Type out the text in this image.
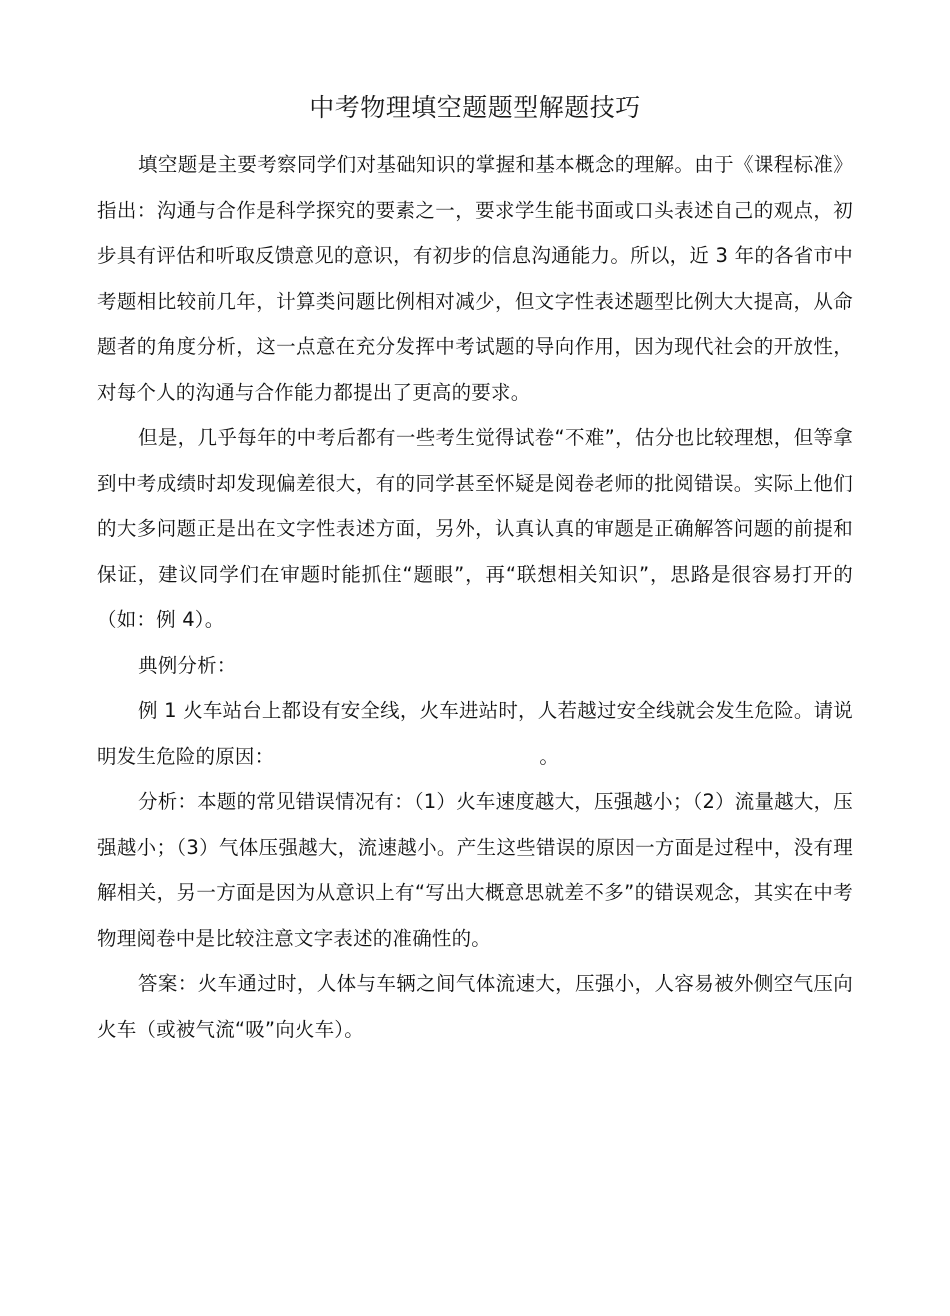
中考物理填空题题型解题技巧

填空题是主要考察同学们对基础知识的掌握和基本概念的理解。由于《课程标准》指出：沟通与合作是科学探究的要素之一，要求学生能书面或口头表述自己的观点，初步具有评估和听取反馈意见的意识，有初步的信息沟通能力。所以，近 3 年的各省市中考题相比较前几年，计算类问题比例相对减少，但文字性表述题型比例大大提高，从命题者的角度分析，这一点意在充分发挥中考试题的导向作用，因为现代社会的开放性，对每个人的沟通与合作能力都提出了更高的要求。

但是，几乎每年的中考后都有一些考生觉得试卷“不难”，估分也比较理想，但等拿到中考成绩时却发现偏差很大，有的同学甚至怀疑是阅卷老师的批阅错误。实际上他们的大多问题正是出在文字性表述方面，另外，认真认真的审题是正确解答问题的前提和保证，建议同学们在审题时能抓住“题眼”，再“联想相关知识”，思路是很容易打开的（如：例 4）。

典例分析：

例 1 火车站台上都设有安全线，火车进站时，人若越过安全线就会发生危险。请说明发生危险的原因：	。

分析：本题的常见错误情况有：（1）火车速度越大，压强越小；（2）流量越大，压强越小；（3）气体压强越大，流速越小。产生这些错误的原因一方面是过程中，没有理解相关，另一方面是因为从意识上有“写出大概意思就差不多”的错误观念，其实在中考物理阅卷中是比较注意文字表述的准确性的。

答案：火车通过时，人体与车辆之间气体流速大，压强小，人容易被外侧空气压向火车（或被气流“吸”向火车）。
